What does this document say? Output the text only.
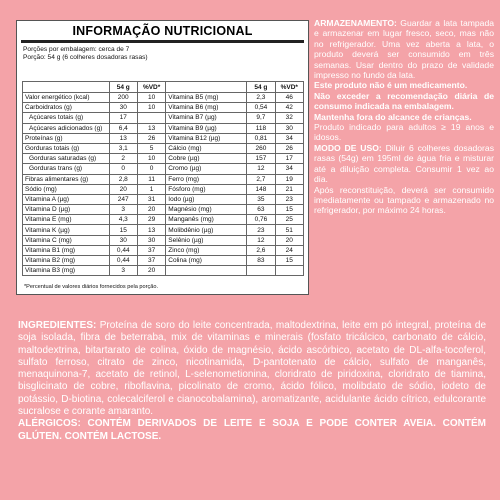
INFORMAÇÃO NUTRICIONAL
Porções por embalagem: cerca de 7
Porção: 54 g (6 colheres dosadoras rasas)
	54 g	%VD*		54 g	%VD*
Valor energético (kcal)	200	10	Vitamina B5 (mg)	2,3	46
Carboidratos (g)	30	10	Vitamina B6 (mg)	0,54	42
Açúcares totais (g)	17		Vitamina B7 (µg)	9,7	32
Açúcares adicionados (g)	6,4	13	Vitamina B9 (µg)	118	30
Proteínas (g)	13	26	Vitamina B12 (µg)	0,81	34
Gorduras totais (g)	3,1	5	Cálcio (mg)	260	26
Gorduras saturadas (g)	2	10	Cobre (µg)	157	17
Gorduras trans (g)	0	0	Cromo (µg)	12	34
Fibras alimentares (g)	2,8	11	Ferro (mg)	2,7	19
Sódio (mg)	20	1	Fósforo (mg)	148	21
Vitamina A (µg)	247	31	Iodo (µg)	35	23
Vitamina D (µg)	3	20	Magnésio (mg)	63	15
Vitamina E (mg)	4,3	29	Manganês (mg)	0,76	25
Vitamina K (µg)	15	13	Molibdênio (µg)	23	51
Vitamina C (mg)	30	30	Selênio (µg)	12	20
Vitamina B1 (mg)	0,44	37	Zinco (mg)	2,6	24
Vitamina B2 (mg)	0,44	37	Colina (mg)	83	15
Vitamina B3 (mg)	3	20			
*Percentual de valores diários fornecidos pela porção.

ARMAZENAMENTO: Guardar a lata tampada e armazenar em lugar fresco, seco, mas não no refrigerador. Uma vez aberta a lata, o produto deverá ser consumido em três semanas. Usar dentro do prazo de validade impresso no fundo da lata.

Este produto não é um medicamento.

Não exceder a recomendação diária de consumo indicada na embalagem.

Mantenha fora do alcance de crianças.

Produto indicado para adultos ≥ 19 anos e idosos.

MODO DE USO: Diluir 6 colheres dosadoras rasas (54g) em 195ml de água fria e misturar até a diluição completa. Consumir 1 vez ao dia.

Após reconstituição, deverá ser consumido imediatamente ou tampado e armazenado no refrigerador, por máximo 24 horas.

INGREDIENTES: Proteína de soro do leite concentrada, maltodextrina, leite em pó integral, proteína de soja isolada, fibra de beterraba, mix de vitaminas e minerais (fosfato tricálcico, carbonato de cálcio, maltodextrina, bitartarato de colina, óxido de magnésio, ácido ascórbico, acetato de DL-alfa-tocoferol, sulfato ferroso, citrato de zinco, nicotinamida, D-pantotenato de cálcio, sulfato de manganês, menaquinona-7, acetato de retinol, L-selenometionina, cloridrato de piridoxina, cloridrato de tiamina, bisglicinato de cobre, riboflavina, picolinato de cromo, ácido fólico, molibdato de sódio, iodeto de potássio, D-biotina, colecalciferol e cianocobalamina), aromatizante, acidulante ácido cítrico, edulcorante sucralose e corante amaranto.

ALÉRGICOS: CONTÉM DERIVADOS DE LEITE E SOJA E PODE CONTER AVEIA. CONTÉM GLÚTEN. CONTÉM LACTOSE.
